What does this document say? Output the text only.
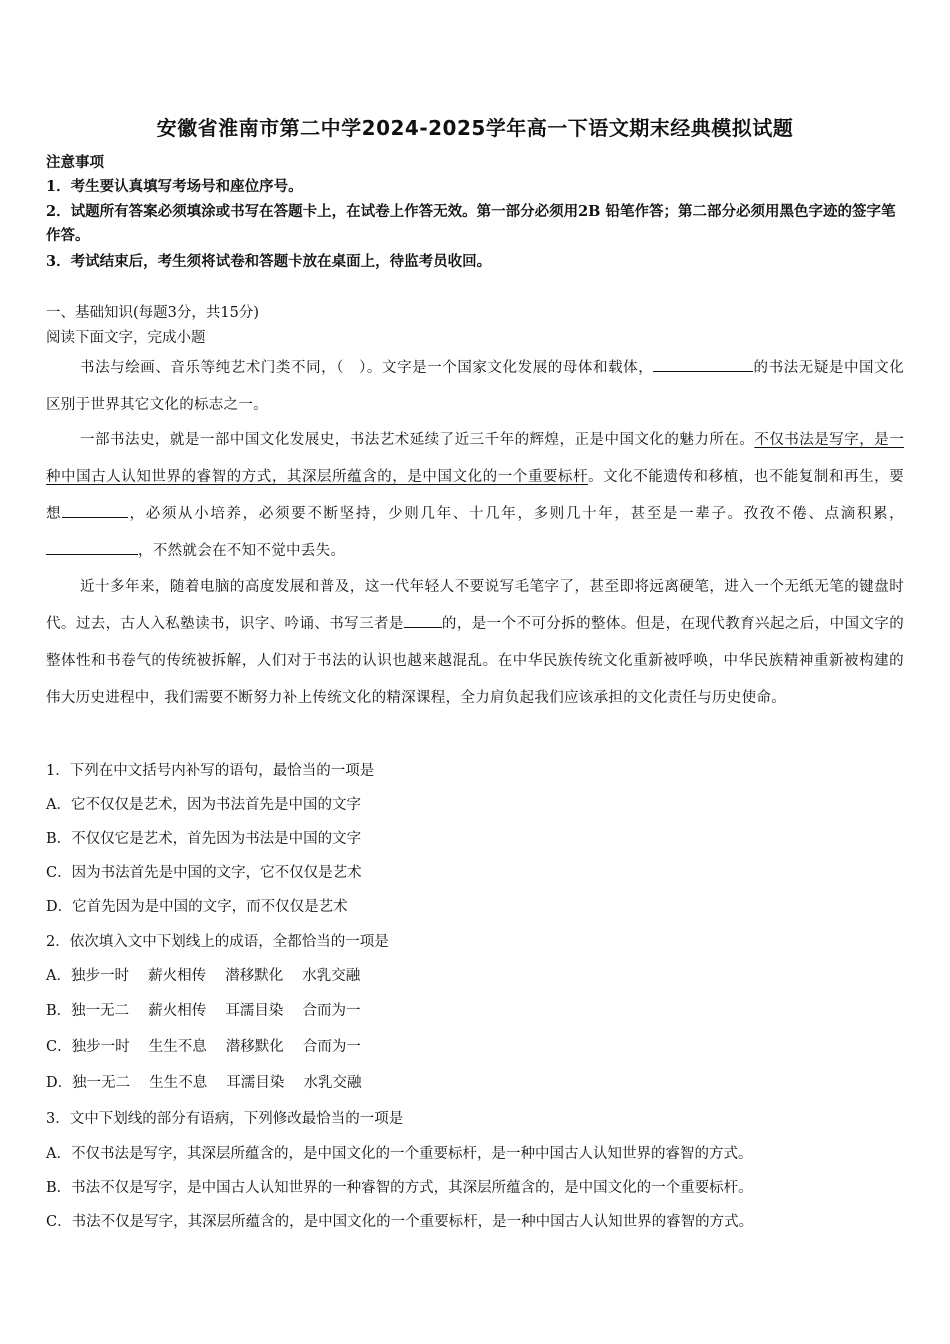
安徽省淮南市第二中学2024-2025学年高一下语文期末经典模拟试题
注意事项
1．考生要认真填写考场号和座位序号。
2．试题所有答案必须填涂或书写在答题卡上，在试卷上作答无效。第一部分必须用2B 铅笔作答；第二部分必须用黑色字迹的签字笔作答。
3．考试结束后，考生须将试卷和答题卡放在桌面上，待监考员收回。
一、基础知识(每题3分，共15分)
阅读下面文字，完成小题
书法与绘画、音乐等纯艺术门类不同，（　）。文字是一个国家文化发展的母体和载体，	的书法无疑是中国文化区别于世界其它文化的标志之一。
一部书法史，就是一部中国文化发展史，书法艺术延续了近三千年的辉煌，正是中国文化的魅力所在。不仅书法是写字，是一种中国古人认知世界的睿智的方式，其深层所蕴含的，是中国文化的一个重要标杆。文化不能遗传和移植，也不能复制和再生，要想	，必须从小培养，必须要不断坚持，少则几年、十几年，多则几十年，甚至是一辈子。孜孜不倦、点滴积累，，不然就会在不知不觉中丢失。
近十多年来，随着电脑的高度发展和普及，这一代年轻人不要说写毛笔字了，甚至即将远离硬笔，进入一个无纸无笔的键盘时代。过去，古人入私塾读书，识字、吟诵、书写三者是	的，是一个不可分拆的整体。但是，在现代教育兴起之后，中国文字的整体性和书卷气的传统被拆解，人们对于书法的认识也越来越混乱。在中华民族传统文化重新被呼唤，中华民族精神重新被构建的伟大历史进程中，我们需要不断努力补上传统文化的精深课程，全力肩负起我们应该承担的文化责任与历史使命。
1．下列在中文括号内补写的语句，最恰当的一项是
A．它不仅仅是艺术，因为书法首先是中国的文字
B．不仅仅它是艺术，首先因为书法是中国的文字
C．因为书法首先是中国的文字，它不仅仅是艺术
D．它首先因为是中国的文字，而不仅仅是艺术
2．依次填入文中下划线上的成语，全都恰当的一项是
A．独步一时　 薪火相传　 潜移默化　 水乳交融
B．独一无二　 薪火相传　 耳濡目染　 合而为一
C．独步一时　 生生不息　 潜移默化　 合而为一
D．独一无二　 生生不息　 耳濡目染　 水乳交融
3．文中下划线的部分有语病，下列修改最恰当的一项是
A．不仅书法是写字，其深层所蕴含的，是中国文化的一个重要标杆，是一种中国古人认知世界的睿智的方式。
B．书法不仅是写字，是中国古人认知世界的一种睿智的方式，其深层所蕴含的，是中国文化的一个重要标杆。
C．书法不仅是写字，其深层所蕴含的，是中国文化的一个重要标杆，是一种中国古人认知世界的睿智的方式。
